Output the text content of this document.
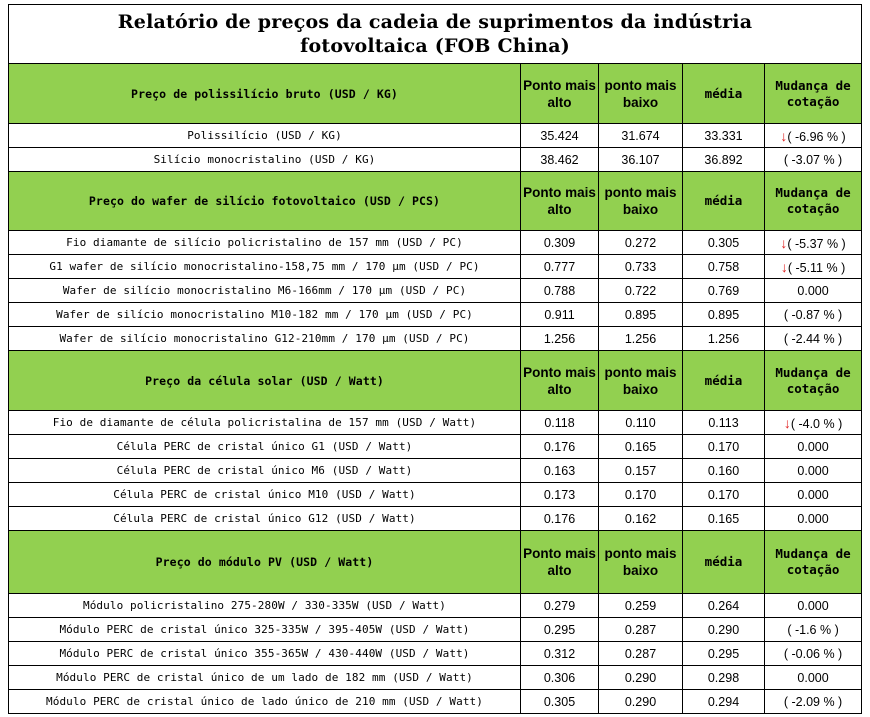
Relatório de preços da cadeia de suprimentos da indústria
fotovoltaica (FOB China)				
Preço de polissilício bruto (USD / KG)	Ponto mais alto	ponto mais baixo	média	Mudança de cotação
Polissilício (USD / KG)	35.424	31.674	33.331	↓( -6.96 % )
Silício monocristalino (USD / KG)	38.462	36.107	36.892	( -3.07 % )
Preço do wafer de silício fotovoltaico (USD / PCS)	Ponto mais alto	ponto mais baixo	média	Mudança de cotação
Fio diamante de silício policristalino de 157 mm (USD / PC)	0.309	0.272	0.305	↓( -5.37 % )
G1 wafer de silício monocristalino-158,75 mm / 170 μm (USD / PC)	0.777	0.733	0.758	↓( -5.11 % )
Wafer de silício monocristalino M6-166mm / 170 μm (USD / PC)	0.788	0.722	0.769	0.000
Wafer de silício monocristalino M10-182 mm / 170 μm (USD / PC)	0.911	0.895	0.895	( -0.87 % )
Wafer de silício monocristalino G12-210mm / 170 μm (USD / PC)	1.256	1.256	1.256	( -2.44 % )
Preço da célula solar (USD / Watt)	Ponto mais alto	ponto mais baixo	média	Mudança de cotação
Fio de diamante de célula policristalina de 157 mm (USD / Watt)	0.118	0.110	0.113	↓( -4.0 % )
Célula PERC de cristal único G1 (USD / Watt)	0.176	0.165	0.170	0.000
Célula PERC de cristal único M6 (USD / Watt)	0.163	0.157	0.160	0.000
Célula PERC de cristal único M10 (USD / Watt)	0.173	0.170	0.170	0.000
Célula PERC de cristal único G12 (USD / Watt)	0.176	0.162	0.165	0.000
Preço do módulo PV (USD / Watt)	Ponto mais alto	ponto mais baixo	média	Mudança de cotação
Módulo policristalino 275-280W / 330-335W (USD / Watt)	0.279	0.259	0.264	0.000
Módulo PERC de cristal único 325-335W / 395-405W (USD / Watt)	0.295	0.287	0.290	( -1.6 % )
Módulo PERC de cristal único 355-365W / 430-440W (USD / Watt)	0.312	0.287	0.295	( -0.06 % )
Módulo PERC de cristal único de um lado de 182 mm (USD / Watt)	0.306	0.290	0.298	0.000
Módulo PERC de cristal único de lado único de 210 mm (USD / Watt)	0.305	0.290	0.294	( -2.09 % )
